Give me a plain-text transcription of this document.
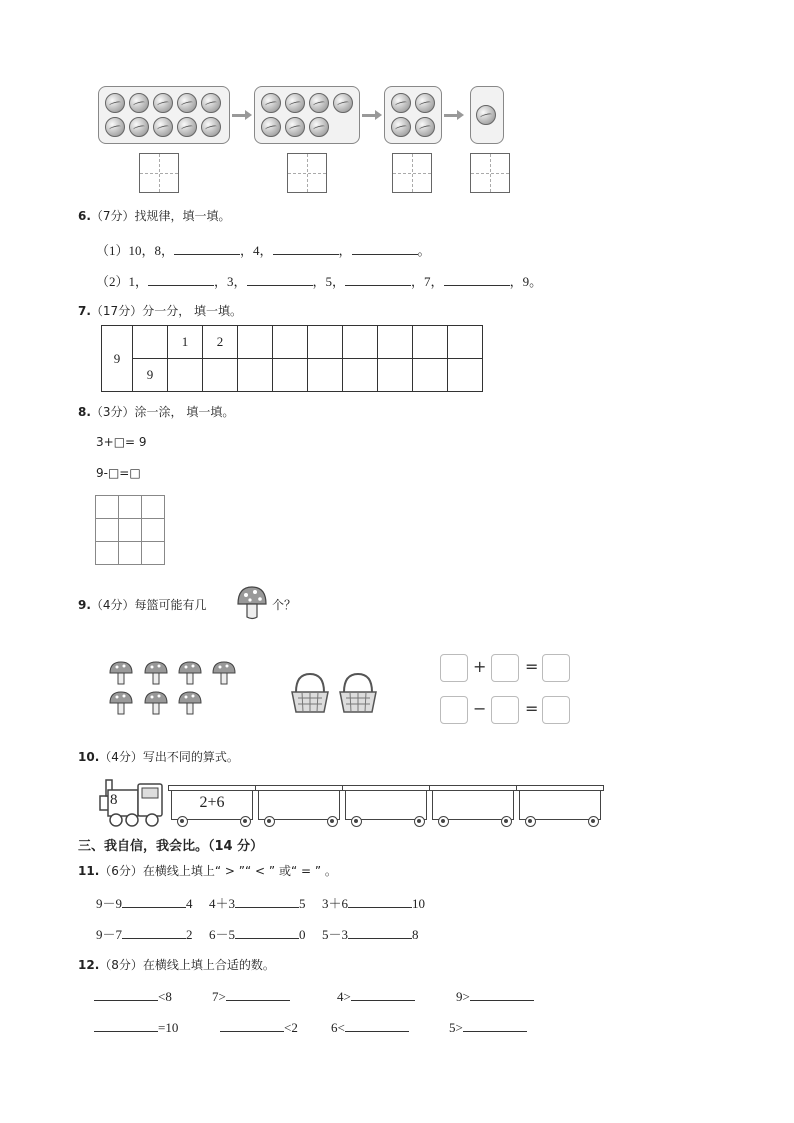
6.（7分）找规律，填一填。
（1）10，8，	，4，	，	。
（2）1，	，3，	，5，	，7，	，9。
7.（17分）分一分， 填一填。
9		1	2							
	9									
8.（3分）涂一涂， 填一填。
3+□= 9
9-□=□

9.（4分）每篮可能有几	个？
+ =
− =
10.（4分）写出不同的算式。
8	2+6
三、我自信，我会比。（14 分）
11.（6分）在横线上填上“ > ”“ < ” 或“ = ” 。
9－9	4 4＋3	5 3＋6	10
9－7	2 6－5	0 5－3	8
12.（8分）在横线上填上合适的数。
<8	7>	4>	9>
=10	<2	6<	5>
